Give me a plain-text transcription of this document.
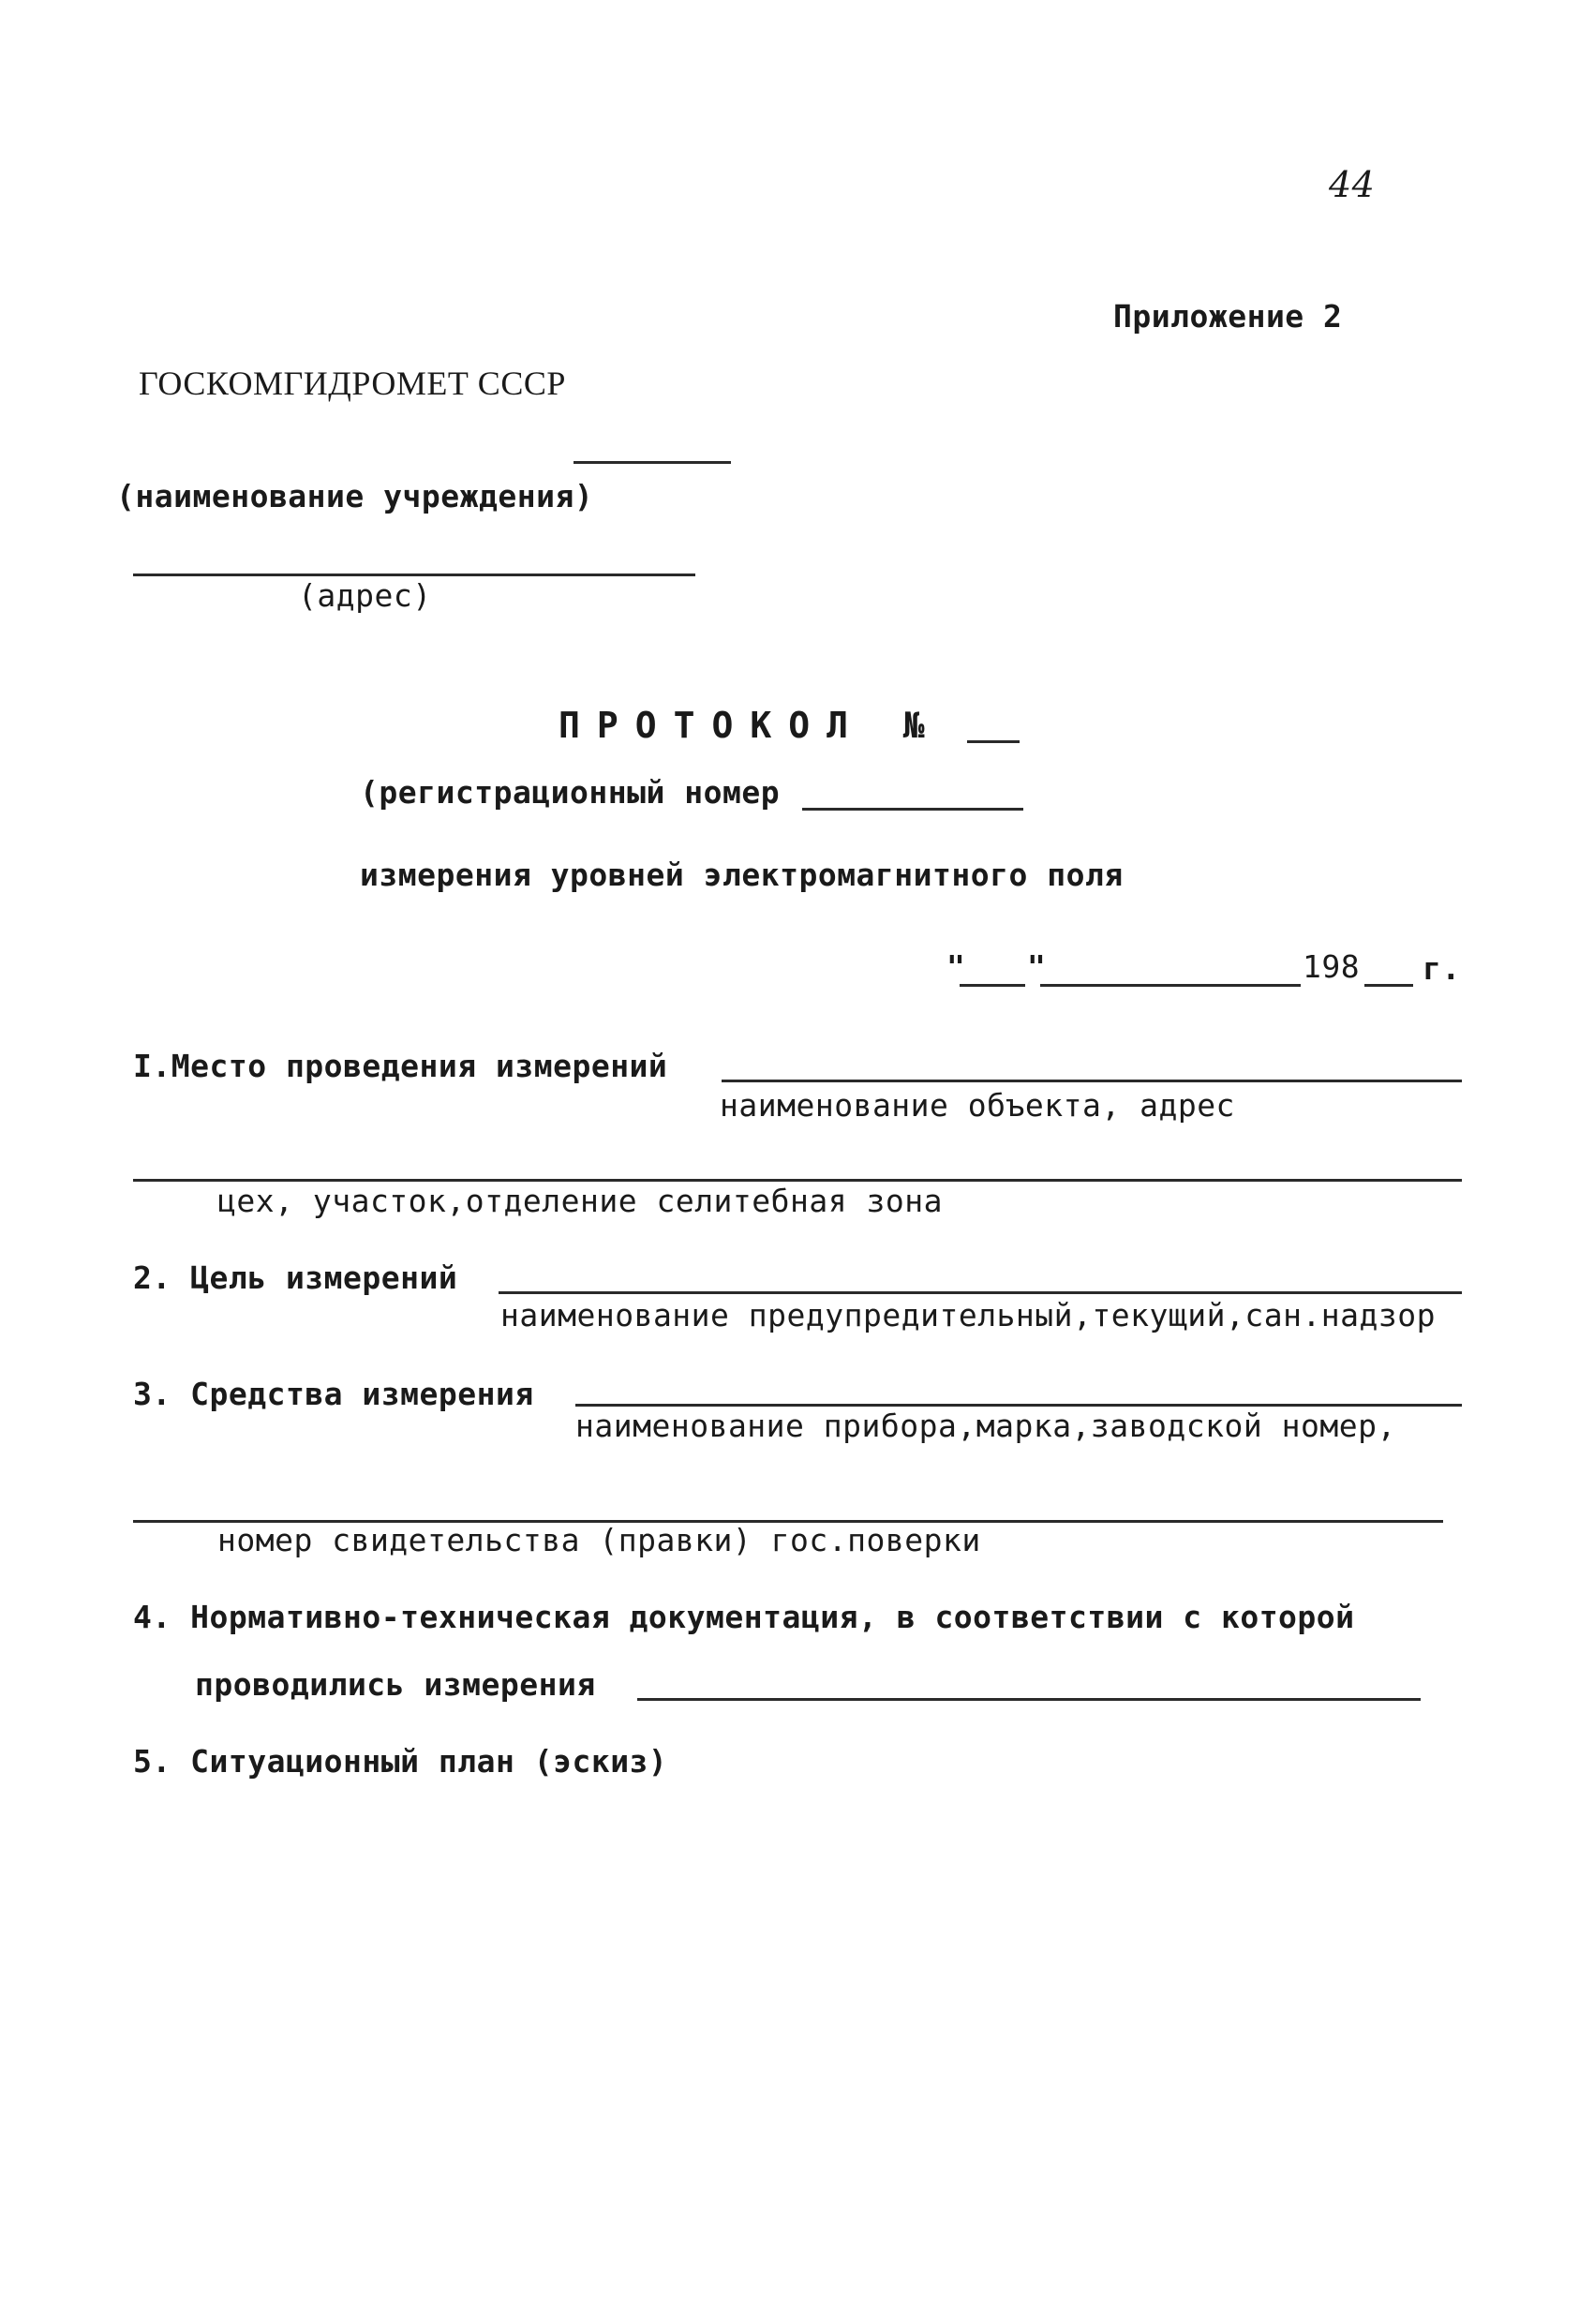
44
Приложение 2
ГОСКОМГИДРОМЕТ СССР
(наименование учреждения)
(адрес)
ПРОТОКОЛ №
(регистрационный номер
измерения уровней электромагнитного поля
" "	198 г.
I.Место проведения измерений
наименование объекта, адрес
цех, участок,отделение селитебная зона
2. Цель измерений
наименование предупредительный,текущий,сан.надзор
3. Средства измерения
наименование прибора,марка,заводской номер,
номер свидетельства (правки) гос.поверки
4. Нормативно-техническая документация, в соответствии с которой
проводились измерения
5. Ситуационный план (эскиз)
